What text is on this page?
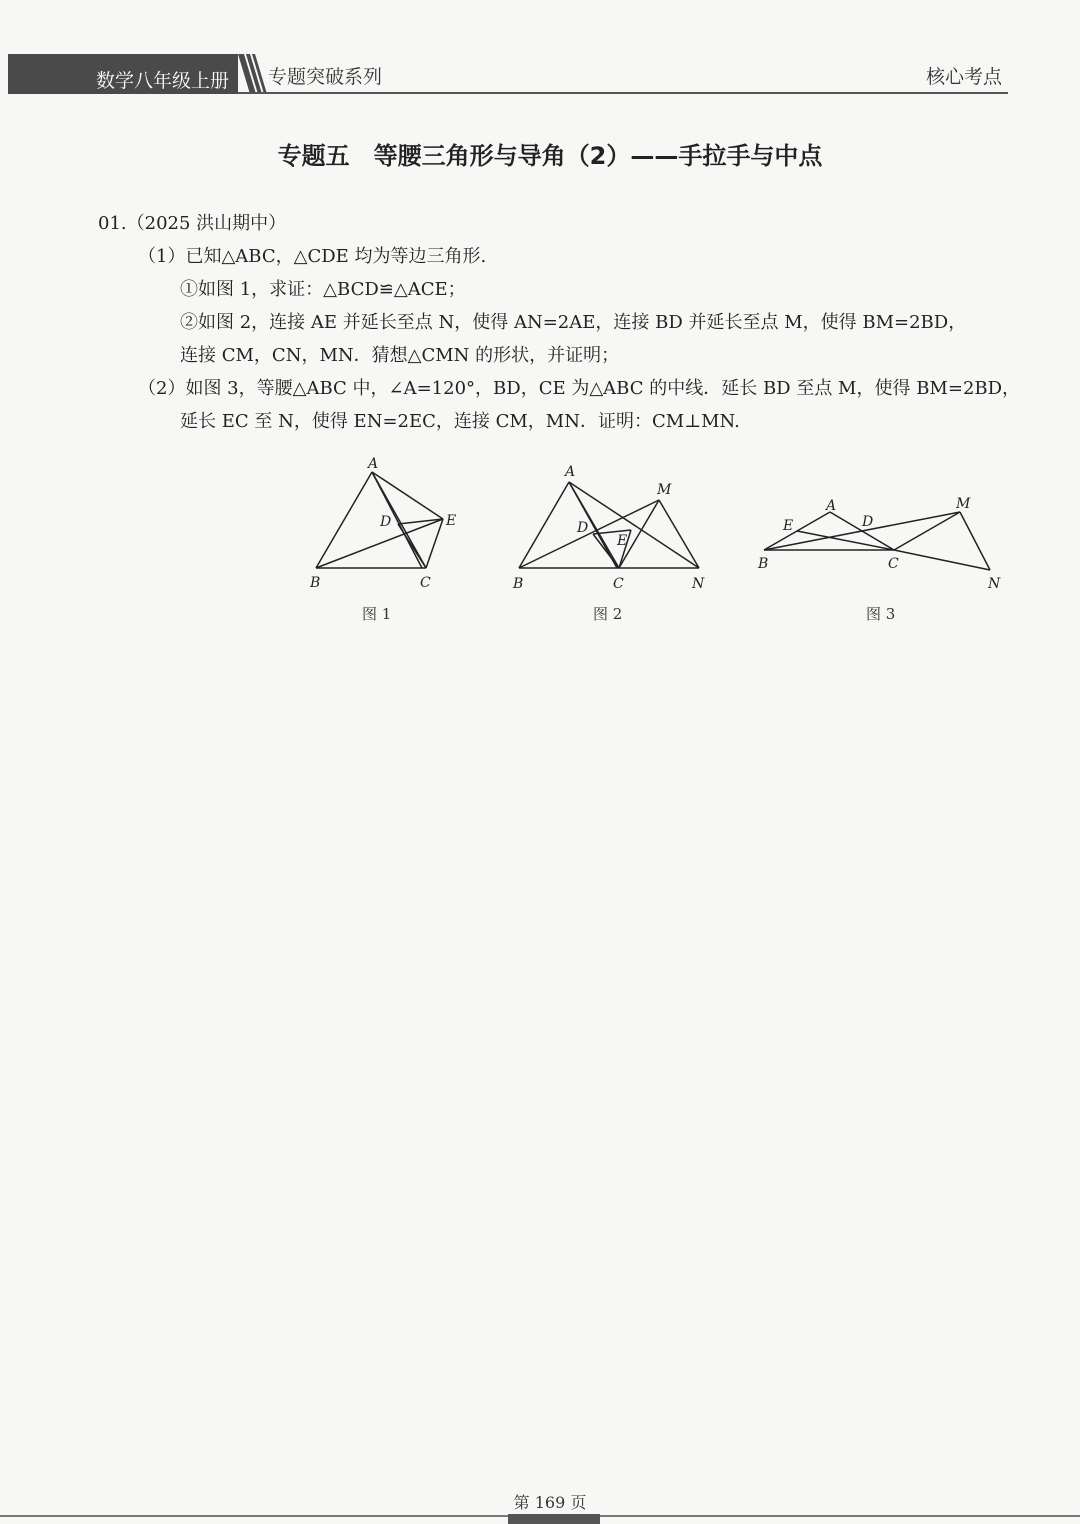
数学八年级上册 专题突破系列	核心考点
专题五　等腰三角形与导角（2）——手拉手与中点
01.（2025 洪山期中）
（1）已知△ABC，△CDE 均为等边三角形.
①如图 1，求证：△BCD≌△ACE；
②如图 2，连接 AE 并延长至点 N，使得 AN=2AE，连接 BD 并延长至点 M，使得 BM=2BD，
连接 CM，CN，MN．猜想△CMN 的形状，并证明；
（2）如图 3，等腰△ABC 中，∠A=120°，BD，CE 为△ABC 的中线．延长 BD 至点 M，使得 BM=2BD，
延长 EC 至 N，使得 EN=2EC，连接 CM，MN．证明：CM⊥MN.
A
B	C
D	E
图 1
A
B	C
D
E
M
N
图 2
A
B	C
D
E
M
N
图 3
第 169 页
